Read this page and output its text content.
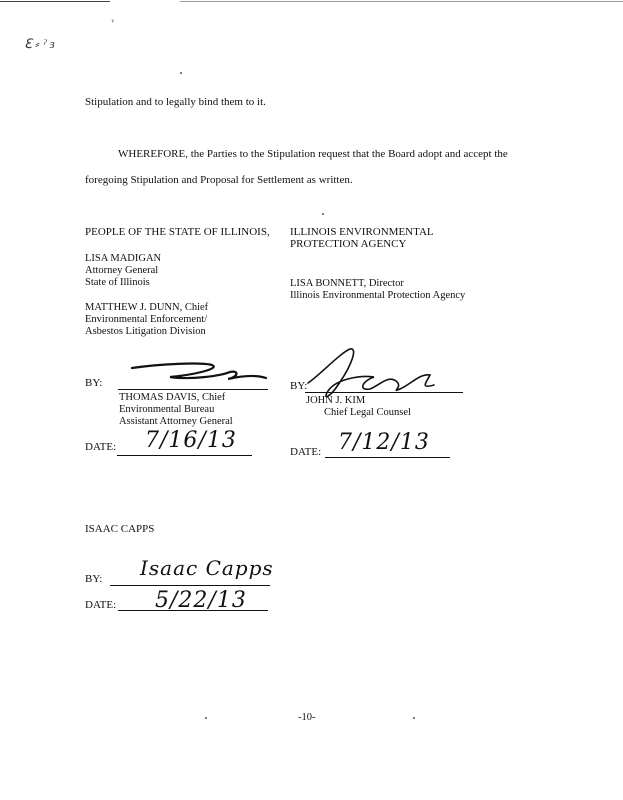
ℇ ⸗ ˀ ɜ
ᵛ
Stipulation and to legally bind them to it.
WHEREFORE, the Parties to the Stipulation request that the Board adopt and accept the
foregoing Stipulation and Proposal for Settlement as written.
PEOPLE OF THE STATE OF ILLINOIS,
LISA MADIGAN
Attorney General
State of Illinois
MATTHEW J. DUNN, Chief
Environmental Enforcement/
Asbestos Litigation Division
BY:
THOMAS DAVIS, Chief
Environmental Bureau
Assistant Attorney General
DATE: 7/16/13
ILLINOIS ENVIRONMENTAL
PROTECTION AGENCY
LISA BONNETT, Director
Illinois Environmental Protection Agency
BY:
JOHN J. KIM
Chief Legal Counsel
DATE: 7/12/13
ISAAC CAPPS
BY: Isaac Capps
DATE: 5/22/13
-10-
